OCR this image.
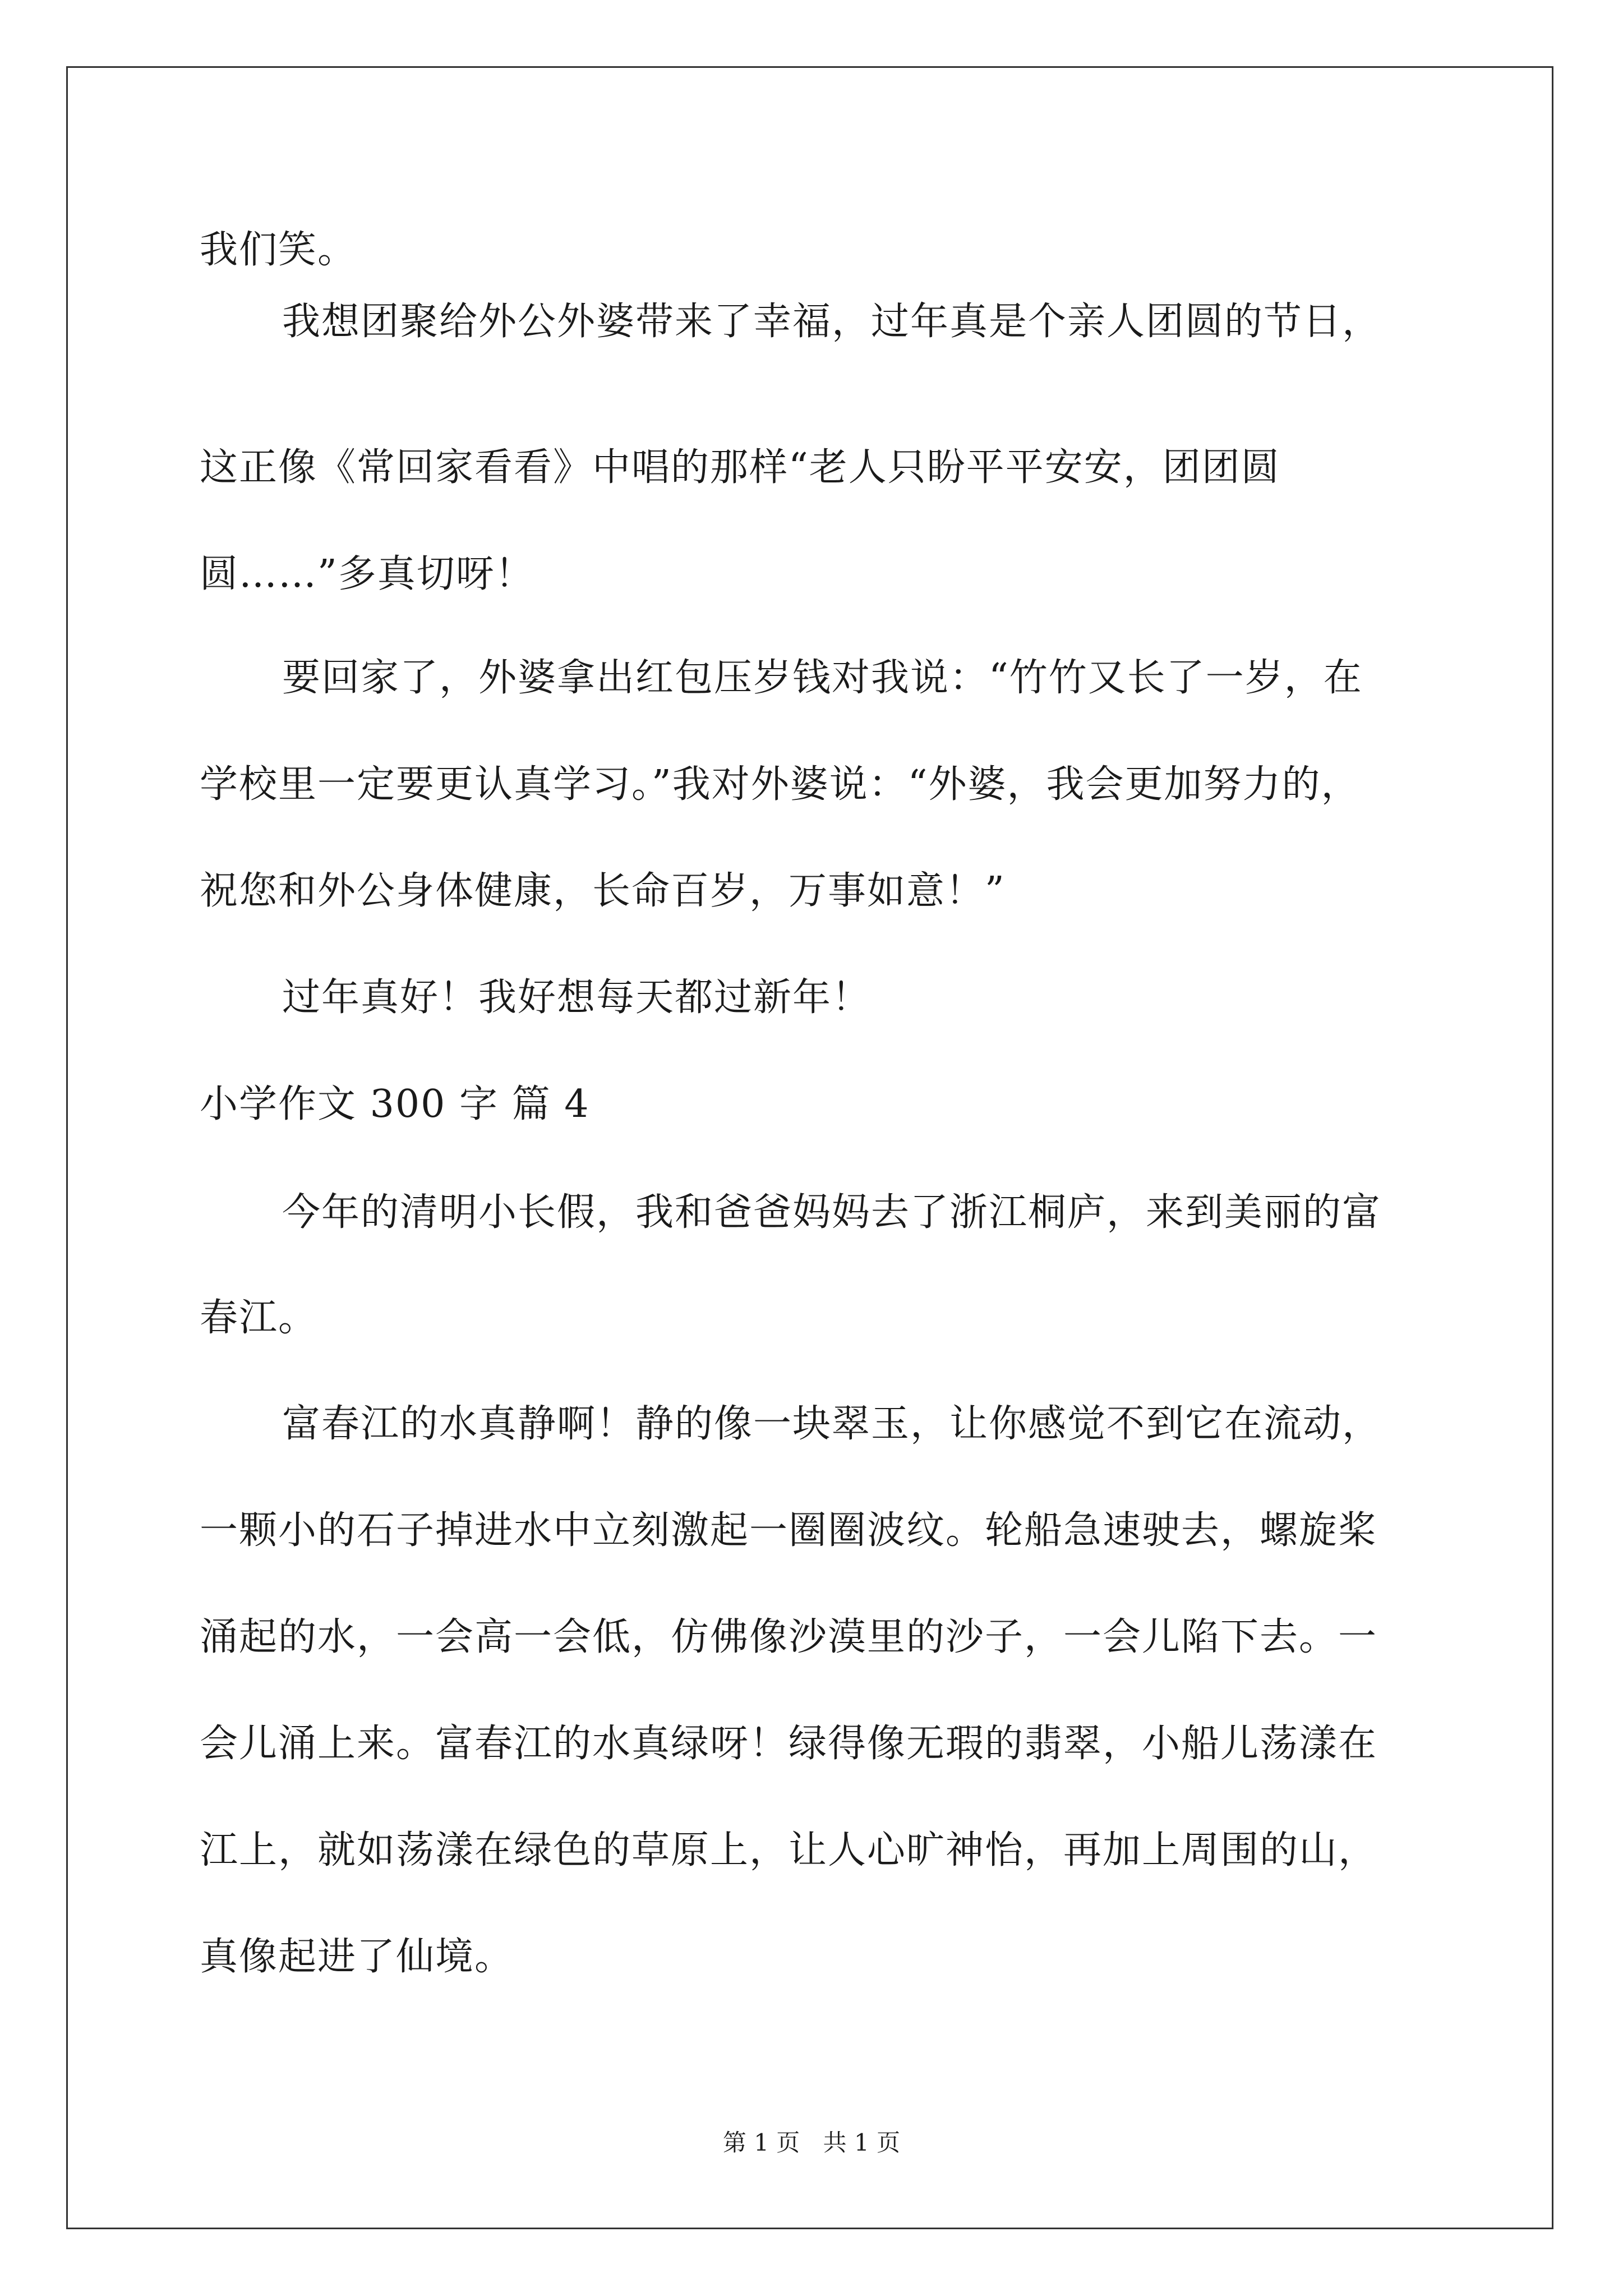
我们笑。
我想团聚给外公外婆带来了幸福，过年真是个亲人团圆的节日，
这正像《常回家看看》中唱的那样“老人只盼平平安安，团团圆
圆……”多真切呀！
要回家了，外婆拿出红包压岁钱对我说：“竹竹又长了一岁，在
学校里一定要更认真学习。”我对外婆说：“外婆，我会更加努力的，
祝您和外公身体健康，长命百岁，万事如意！”
过年真好！我好想每天都过新年！
小学作文 300 字 篇 4
今年的清明小长假，我和爸爸妈妈去了浙江桐庐，来到美丽的富
春江。
富春江的水真静啊！静的像一块翠玉，让你感觉不到它在流动，
一颗小的石子掉进水中立刻激起一圈圈波纹。轮船急速驶去，螺旋桨
涌起的水，一会高一会低，仿佛像沙漠里的沙子，一会儿陷下去。一
会儿涌上来。富春江的水真绿呀！绿得像无瑕的翡翠，小船儿荡漾在
江上，就如荡漾在绿色的草原上，让人心旷神怡，再加上周围的山，
真像起进了仙境。
第 1 页 共 1 页
